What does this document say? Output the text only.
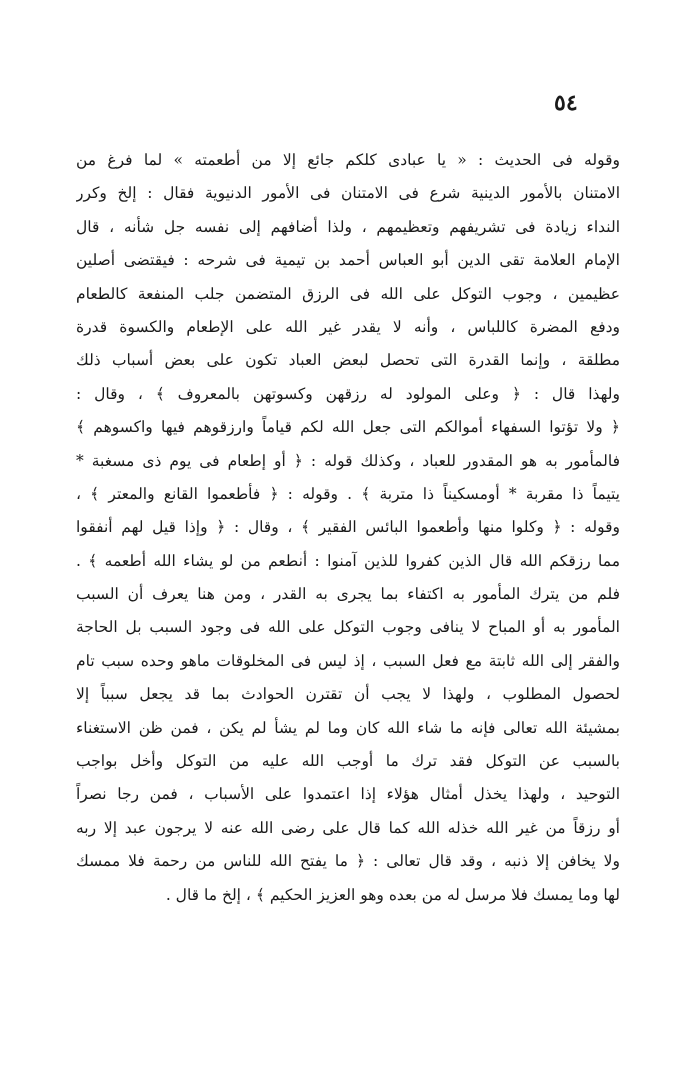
٥٤
وقوله فى الحديث : « يا عبادى كلكم جائع إلا من أطعمته » لما فرغ من
الامتنان بالأمور الدينية شرع فى الامتنان فى الأمور الدنيوية فقال : إلخ وكرر
النداء زيادة فى تشريفهم وتعظيمهم ، ولذا أضافهم إلى نفسه جل شأنه ، قال
الإمام العلامة تقى الدين أبو العباس أحمد بن تيمية فى شرحه : فيقتضى أصلين
عظيمين ، وجوب التوكل على الله فى الرزق المتضمن جلب المنفعة كالطعام
ودفع المضرة كاللباس ، وأنه لا يقدر غير الله على الإطعام والكسوة قدرة
مطلقة ، وإنما القدرة التى تحصل لبعض العباد تكون على بعض أسباب ذلك
ولهذا قال : ﴿ وعلى المولود له رزقهن وكسوتهن بالمعروف ﴾ ، وقال :
﴿ ولا تؤتوا السفهاء أموالكم التى جعل الله لكم قياماً وارزقوهم فيها واكسوهم ﴾
فالمأمور به هو المقدور للعباد ، وكذلك قوله : ﴿ أو إطعام فى يوم ذى مسغبة *
يتيماً ذا مقربة * أومسكيناً ذا متربة ﴾ . وقوله : ﴿ فأطعموا القانع والمعتر ﴾ ،
وقوله : ﴿ وكلوا منها وأطعموا البائس الفقير ﴾ ، وقال : ﴿ وإذا قيل لهم أنفقوا
مما رزقكم الله قال الذين كفروا للذين آمنوا : أنطعم من لو يشاء الله أطعمه ﴾ .
فلم من يترك المأمور به اكتفاء بما يجرى به القدر ، ومن هنا يعرف أن السبب
المأمور به أو المباح لا ينافى وجوب التوكل على الله فى وجود السبب بل الحاجة
والفقر إلى الله ثابتة مع فعل السبب ، إذ ليس فى المخلوقات ماهو وحده سبب تام
لحصول المطلوب ، ولهذا لا يجب أن تقترن الحوادث بما قد يجعل سبباً إلا
بمشيئة الله تعالى فإنه ما شاء الله كان وما لم يشأ لم يكن ، فمن ظن الاستغناء
بالسبب عن التوكل فقد ترك ما أوجب الله عليه من التوكل وأخل بواجب
التوحيد ، ولهذا يخذل أمثال هؤلاء إذا اعتمدوا على الأسباب ، فمن رجا نصراً
أو رزقاً من غير الله خذله الله كما قال على رضى الله عنه لا يرجون عبد إلا ربه
ولا يخافن إلا ذنبه ، وقد قال تعالى : ﴿ ما يفتح الله للناس من رحمة فلا ممسك
لها وما يمسك فلا مرسل له من بعده وهو العزيز الحكيم ﴾ ، إلخ ما قال .
